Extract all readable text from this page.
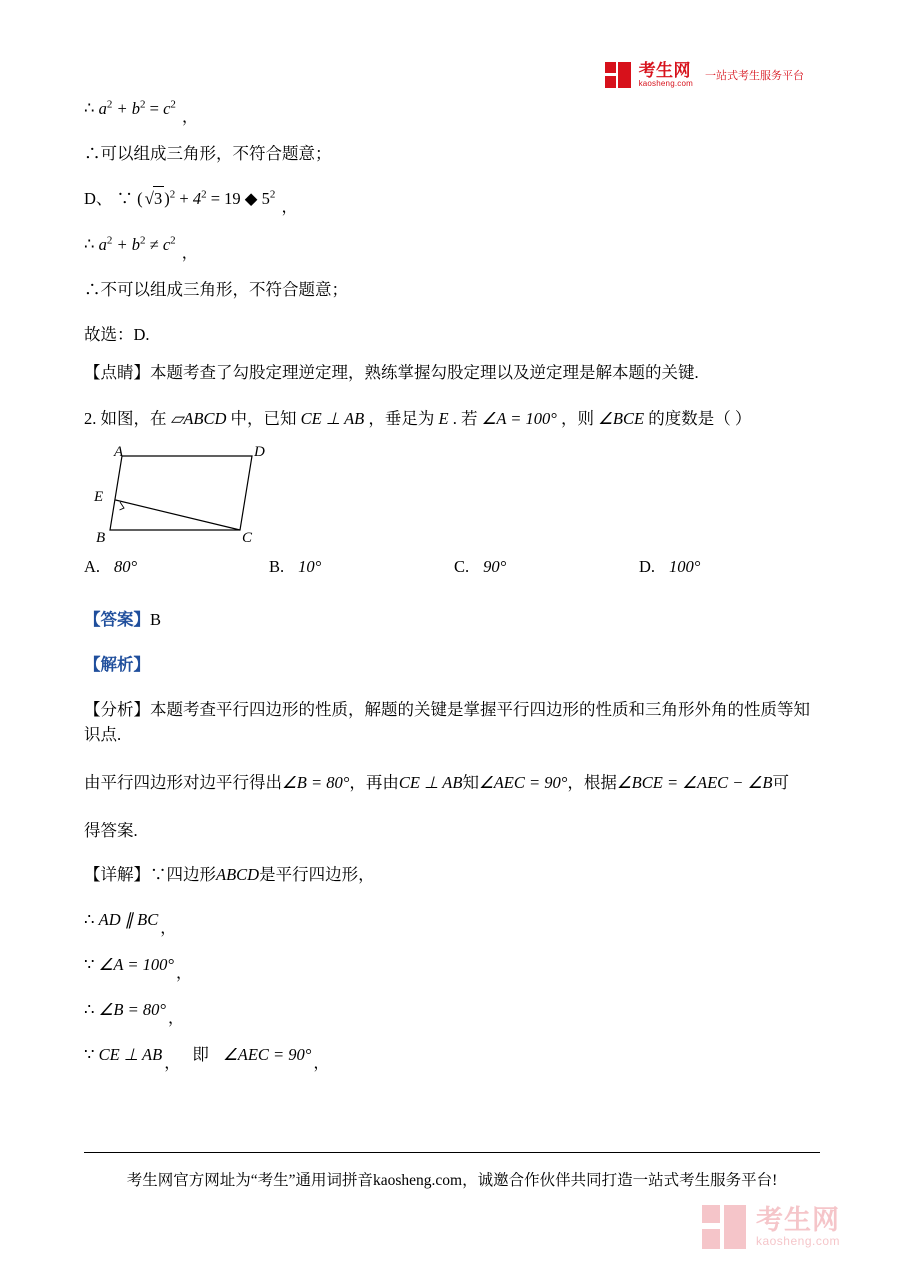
考生网
kaosheng.com
一站式考生服务平台

∴ $a^2 + b^2 = c^2$ ，

∴可以组成三角形，不符合题意；

D、 ∵ ( √3 )$^2 + 4^2 = 19$ ◆ $5^2$ ，

∴ $a^2 + b^2 \ne c^2$ ，

∴不可以组成三角形，不符合题意；

故选：D.

【点睛】本题考查了勾股定理逆定理，熟练掌握勾股定理以及逆定理是解本题的关键.

2. 如图，在 ▱ABCD 中，已知 CE ⊥ AB ，垂足为 E . 若 ∠A = 100° ，则 ∠BCE 的度数是（ ）
A	D
E
B	C
A. 80°	B. 10°	C. 90°	D. 100°

【答案】B

【解析】

【分析】本题考查平行四边形的性质，解题的关键是掌握平行四边形的性质和三角形外角的性质等知识点.

由平行四边形对边平行得出∠B = 80°，再由CE ⊥ AB知∠AEC = 90°，根据∠BCE = ∠AEC − ∠B可

得答案.

【详解】∵四边形ABCD是平行四边形，

∴ AD ∥ BC ，

∵ ∠A = 100° ，

∴ ∠B = 80° ，

∵ CE ⊥ AB ， 即 ∠AEC = 90° ，

考生网官方网址为“考生”通用词拼音kaosheng.com，诚邀合作伙伴共同打造一站式考生服务平台!
考生网
kaosheng.com
